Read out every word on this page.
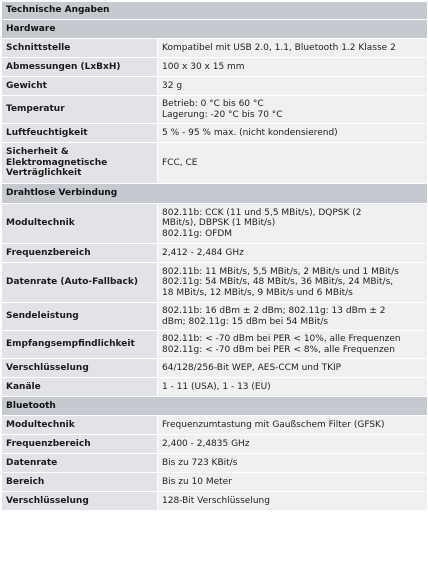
Technische Angaben	
Hardware	
Schnittstelle	Kompatibel mit USB 2.0, 1.1, Bluetooth 1.2 Klasse 2
Abmessungen (LxBxH)	100 x 30 x 15 mm
Gewicht	32 g
Temperatur	Betrieb: 0 °C bis 60 °C
Lagerung: -20 °C bis 70 °C

Luftfeuchtigkeit	5 % - 95 % max. (nicht kondensierend)

Sicherheit &
Elektromagnetische
Verträglichkeit	FCC, CE
Drahtlose Verbindung	
Modultechnik	802.11b: CCK (11 und 5,5 MBit/s), DQPSK (2
MBit/s), DBPSK (1 MBit/s)
802.11g: OFDM

Frequenzbereich	2,412 - 2,484 GHz
Datenrate (Auto-Fallback)	802.11b: 11 MBit/s, 5,5 MBit/s, 2 MBit/s und 1 MBit/s
802.11g: 54 MBit/s, 48 MBit/s, 36 MBit/s, 24 MBit/s,
18 MBit/s, 12 MBit/s, 9 MBit/s und 6 MBit/s

Sendeleistung	802.11b: 16 dBm ± 2 dBm; 802.11g: 13 dBm ± 2
dBm; 802.11g: 15 dBm bei 54 MBit/s

Empfangsempfindlichkeit	802.11b: < -70 dBm bei PER < 10%, alle Frequenzen
802.11g: < -70 dBm bei PER < 8%, alle Frequenzen

Verschlüsselung	64/128/256-Bit WEP, AES-CCM und TKIP
Kanäle	1 - 11 (USA), 1 - 13 (EU)
Bluetooth	
Modultechnik	Frequenzumtastung mit Gaußschem Filter (GFSK)
Frequenzbereich	2,400 - 2,4835 GHz
Datenrate	Bis zu 723 KBit/s
Bereich	Bis zu 10 Meter
Verschlüsselung	128-Bit Verschlüsselung
